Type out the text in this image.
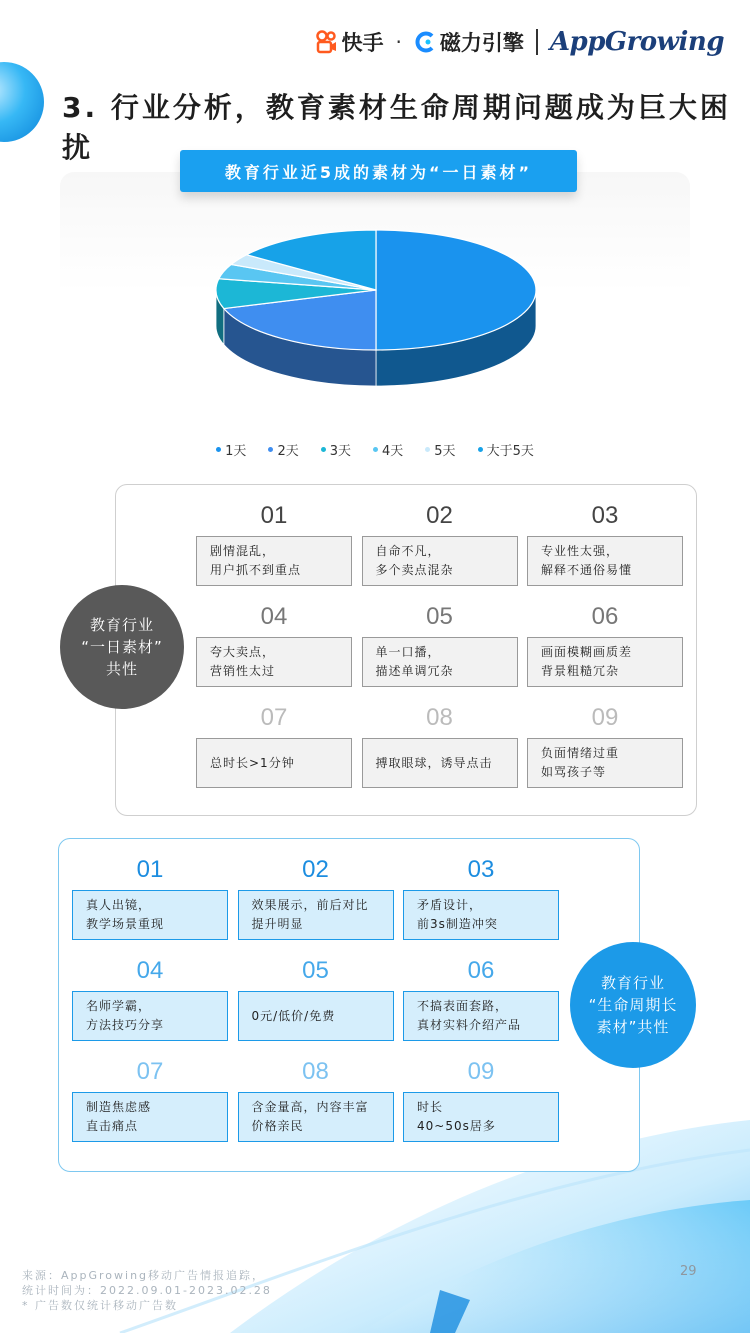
快手 · 磁力引擎 AppGrowing
3. 行业分析，教育素材生命周期问题成为巨大困扰
教育行业近5成的素材为“一日素材”
1天 2天 3天 4天 5天 大于5天
01
剧情混乱，
用户抓不到重点
02
自命不凡，
多个卖点混杂
03
专业性太强，
解释不通俗易懂
04
夸大卖点，
营销性太过
05
单一口播，
描述单调冗杂
06
画面模糊画质差
背景粗糙冗杂
07
总时长>1分钟
08
搏取眼球，诱导点击
09
负面情绪过重
如骂孩子等
教育行业
“一日素材”
共性
01
真人出镜，
教学场景重现
02
效果展示，前后对比
提升明显
03
矛盾设计，
前3s制造冲突
04
名师学霸，
方法技巧分享
05
0元/低价/免费
06
不搞表面套路，
真材实料介绍产品
07
制造焦虑感
直击痛点
08
含金量高，内容丰富
价格亲民
09
时长
40~50s居多
教育行业
“生命周期长
素材”共性
来源：AppGrowing移动广告情报追踪，
统计时间为：2022.09.01-2023.02.28
* 广告数仅统计移动广告数
29
